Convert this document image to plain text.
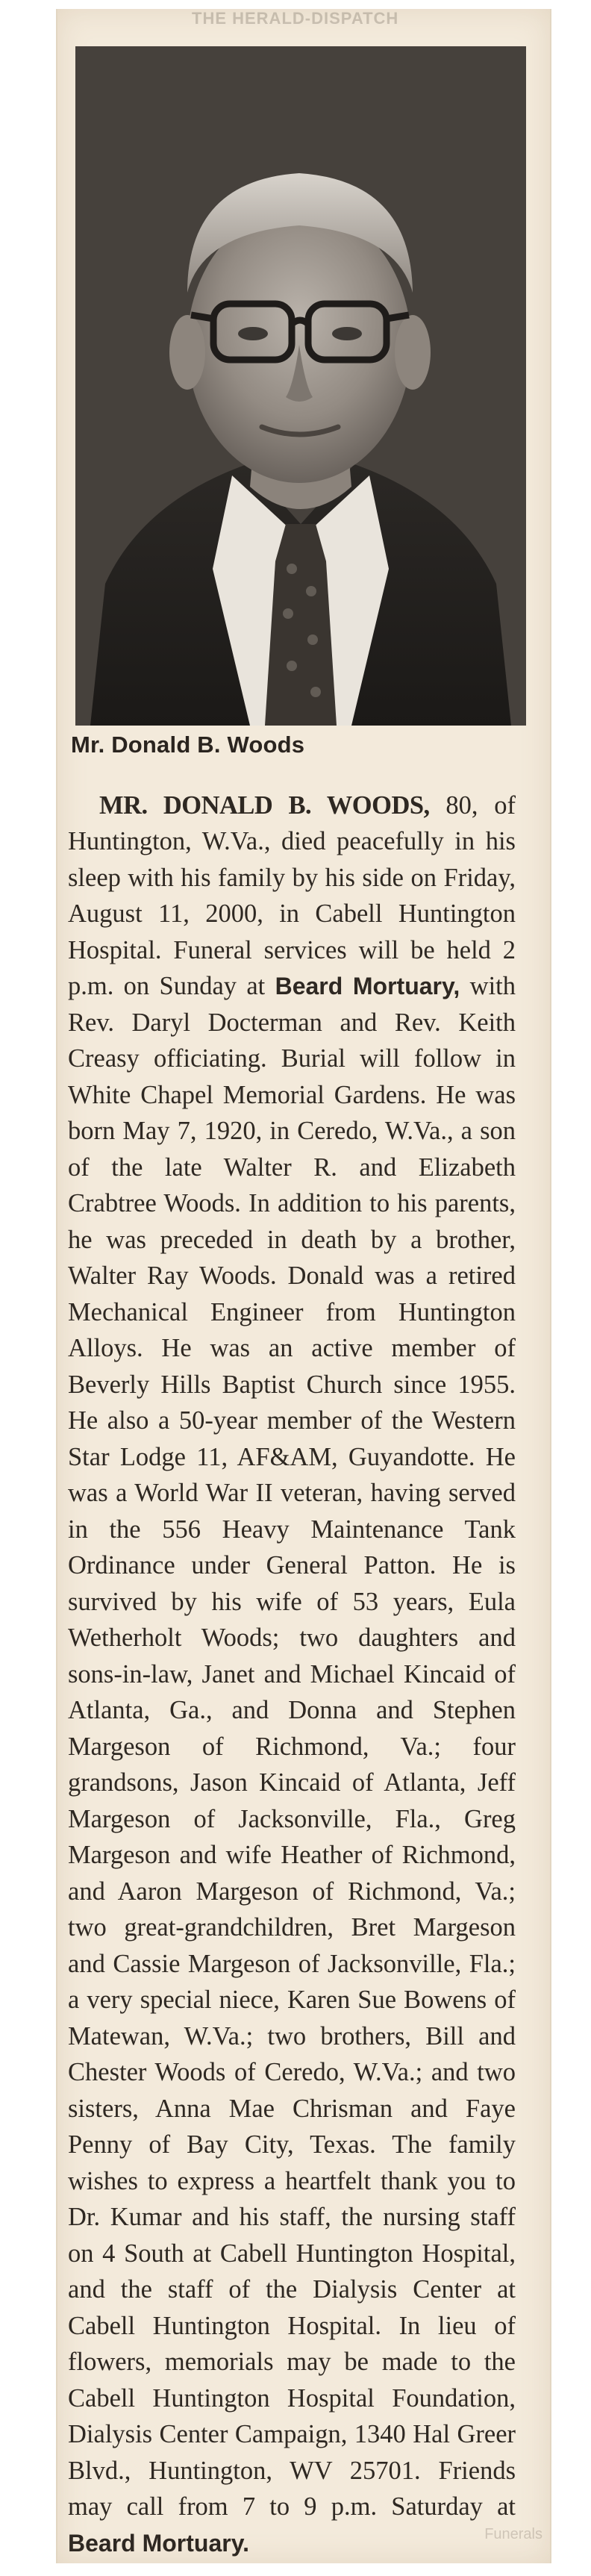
THE HERALD-DISPATCH
Mr. Donald B. Woods

MR. DONALD B. WOODS, 80, of Huntington, W.Va., died peacefully in his sleep with his family by his side on Friday, August 11, 2000, in Cabell Huntington Hospital. Funeral services will be held 2 p.m. on Sunday at Beard Mortuary, with Rev. Daryl Docterman and Rev. Keith Creasy officiating. Burial will follow in White Chapel Memorial Gardens. He was born May 7, 1920, in Ceredo, W.Va., a son of the late Walter R. and Elizabeth Crabtree Woods. In addition to his parents, he was preceded in death by a brother, Walter Ray Woods. Donald was a retired Mechanical Engineer from Huntington Alloys. He was an active member of Beverly Hills Baptist Church since 1955. He also a 50-year member of the Western Star Lodge 11, AF&AM, Guyandotte. He was a World War II veteran, having served in the 556 Heavy Maintenance Tank Ordinance under General Patton. He is survived by his wife of 53 years, Eula Wetherholt Woods; two daughters and sons-in-law, Janet and Michael Kincaid of Atlanta, Ga., and Donna and Stephen Margeson of Richmond, Va.; four grandsons, Jason Kincaid of Atlanta, Jeff Margeson of Jacksonville, Fla., Greg Margeson and wife Heather of Richmond, and Aaron Margeson of Richmond, Va.; two great-grandchildren, Bret Margeson and Cassie Margeson of Jacksonville, Fla.; a very special niece, Karen Sue Bowens of Matewan, W.Va.; two brothers, Bill and Chester Woods of Ceredo, W.Va.; and two sisters, Anna Mae Chrisman and Faye Penny of Bay City, Texas. The family wishes to express a heartfelt thank you to Dr. Kumar and his staff, the nursing staff on 4 South at Cabell Huntington Hospital, and the staff of the Dialysis Center at Cabell Huntington Hospital. In lieu of flowers, memorials may be made to the Cabell Huntington Hospital Foundation, Dialysis Center Campaign, 1340 Hal Greer Blvd., Huntington, WV 25701. Friends may call from 7 to 9 p.m. Saturday at Beard Mortuary.	Funerals
